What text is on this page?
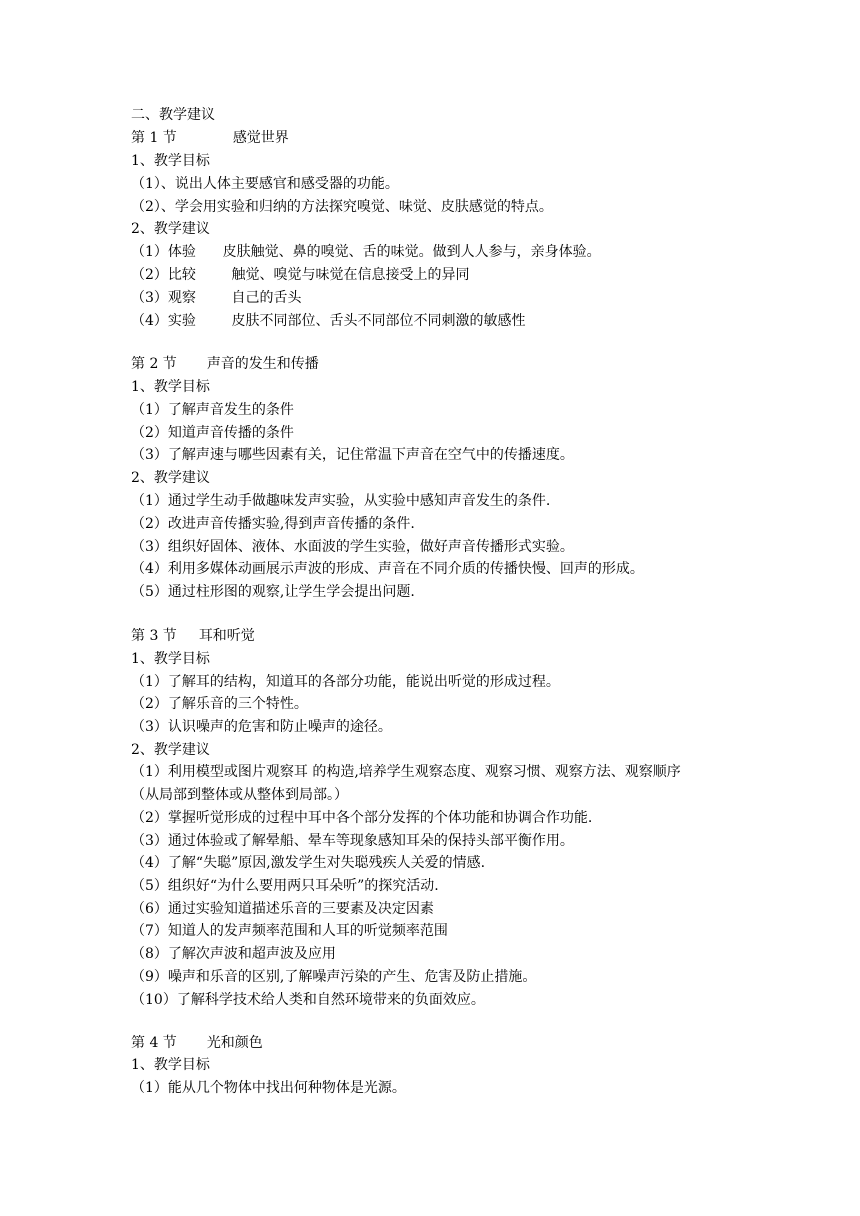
二、教学建议
第 1 节	感觉世界
1、教学目标
（1）、说出人体主要感官和感受器的功能。
（2）、学会用实验和归纳的方法探究嗅觉、味觉、皮肤感觉的特点。
2、教学建议
（1）体验      皮肤触觉、鼻的嗅觉、舌的味觉。做到人人参与，亲身体验。
（2）比较        触觉、嗅觉与味觉在信息接受上的异同
（3）观察        自己的舌头
（4）实验        皮肤不同部位、舌头不同部位不同刺激的敏感性
第 2 节 声音的发生和传播
1、教学目标
（1）了解声音发生的条件
（2）知道声音传播的条件
（3）了解声速与哪些因素有关，记住常温下声音在空气中的传播速度。
2、教学建议
（1）通过学生动手做趣味发声实验，从实验中感知声音发生的条件.
（2）改进声音传播实验,得到声音传播的条件.
（3）组织好固体、液体、水面波的学生实验，做好声音传播形式实验。
（4）利用多媒体动画展示声波的形成、声音在不同介质的传播快慢、回声的形成。
（5）通过柱形图的观察,让学生学会提出问题.
第 3 节 耳和听觉
1、教学目标
（1）了解耳的结构，知道耳的各部分功能，能说出听觉的形成过程。
（2）了解乐音的三个特性。
（3）认识噪声的危害和防止噪声的途径。
2、教学建议
（1）利用模型或图片观察耳 的构造,培养学生观察态度、观察习惯、观察方法、观察顺序
（从局部到整体或从整体到局部。）
（2）掌握听觉形成的过程中耳中各个部分发挥的个体功能和协调合作功能.
（3）通过体验或了解晕船、晕车等现象感知耳朵的保持头部平衡作用。
（4）了解“失聪”原因,激发学生对失聪残疾人关爱的情感.
（5）组织好“为什么要用两只耳朵听”的探究活动.
（6）通过实验知道描述乐音的三要素及决定因素
（7）知道人的发声频率范围和人耳的听觉频率范围
（8）了解次声波和超声波及应用
（9）噪声和乐音的区别,了解噪声污染的产生、危害及防止措施。
（10）了解科学技术给人类和自然环境带来的负面效应。
第 4 节 光和颜色
1、教学目标
（1）能从几个物体中找出何种物体是光源。
